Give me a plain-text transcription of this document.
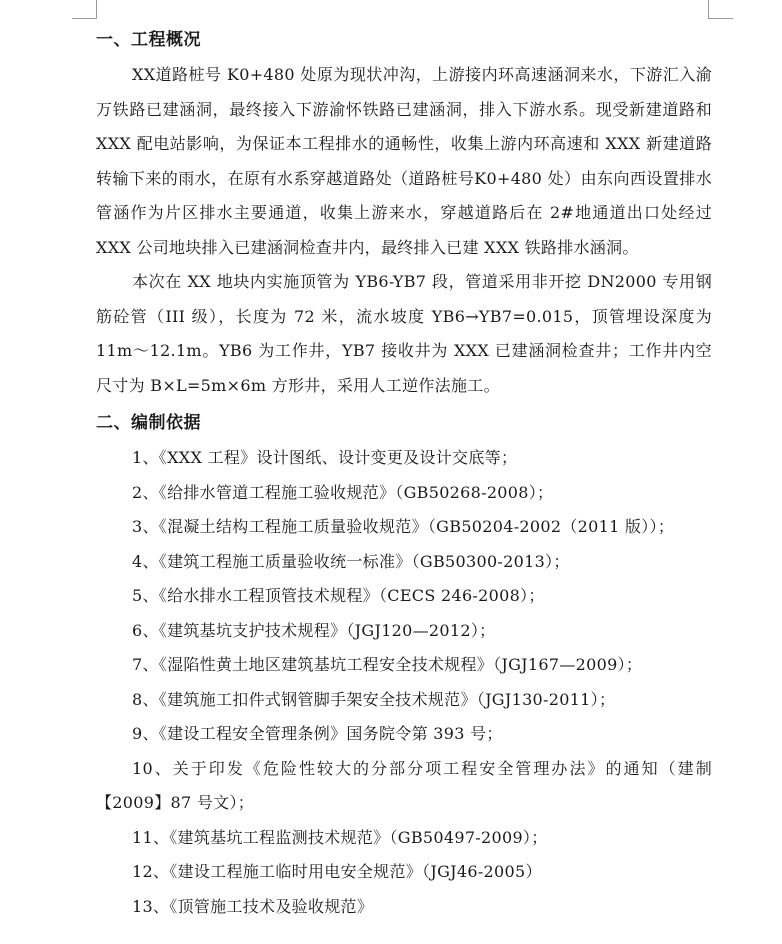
一、工程概况

XX道路桩号 K0+480 处原为现状冲沟，上游接内环高速涵洞来水，下游汇入渝万铁路已建涵洞，最终接入下游渝怀铁路已建涵洞，排入下游水系。现受新建道路和 XXX 配电站影响，为保证本工程排水的通畅性，收集上游内环高速和 XXX 新建道路转输下来的雨水，在原有水系穿越道路处（道路桩号K0+480 处）由东向西设置排水管涵作为片区排水主要通道，收集上游来水，穿越道路后在 2#地通道出口处经过 XXX 公司地块排入已建涵洞检查井内，最终排入已建 XXX 铁路排水涵洞。

本次在 XX 地块内实施顶管为 YB6-YB7 段，管道采用非开挖 DN2000 专用钢筋砼管（III 级），长度为 72 米，流水坡度 YB6→YB7=0.015，顶管埋设深度为 11m～12.1m。YB6 为工作井，YB7 接收井为 XXX 已建涵洞检查井；工作井内空尺寸为 B×L=5m×6m 方形井，采用人工逆作法施工。

二、编制依据
1、《XXX 工程》设计图纸、设计变更及设计交底等；
2、《给排水管道工程施工验收规范》（GB50268-2008）；
3、《混凝土结构工程施工质量验收规范》（GB50204-2002（2011 版））；
4、《建筑工程施工质量验收统一标准》（GB50300-2013）；
5、《给水排水工程顶管技术规程》（CECS 246-2008）；
6、《建筑基坑支护技术规程》（JGJ120—2012）；
7、《湿陷性黄土地区建筑基坑工程安全技术规程》（JGJ167—2009）；
8、《建筑施工扣件式钢管脚手架安全技术规范》（JGJ130-2011）；
9、《建设工程安全管理条例》国务院令第 393 号；
10、关于印发《危险性较大的分部分项工程安全管理办法》的通知（建制【2009】87 号文）；
11、《建筑基坑工程监测技术规范》（GB50497-2009）；
12、《建设工程施工临时用电安全规范》（JGJ46-2005）
13、《顶管施工技术及验收规范》
